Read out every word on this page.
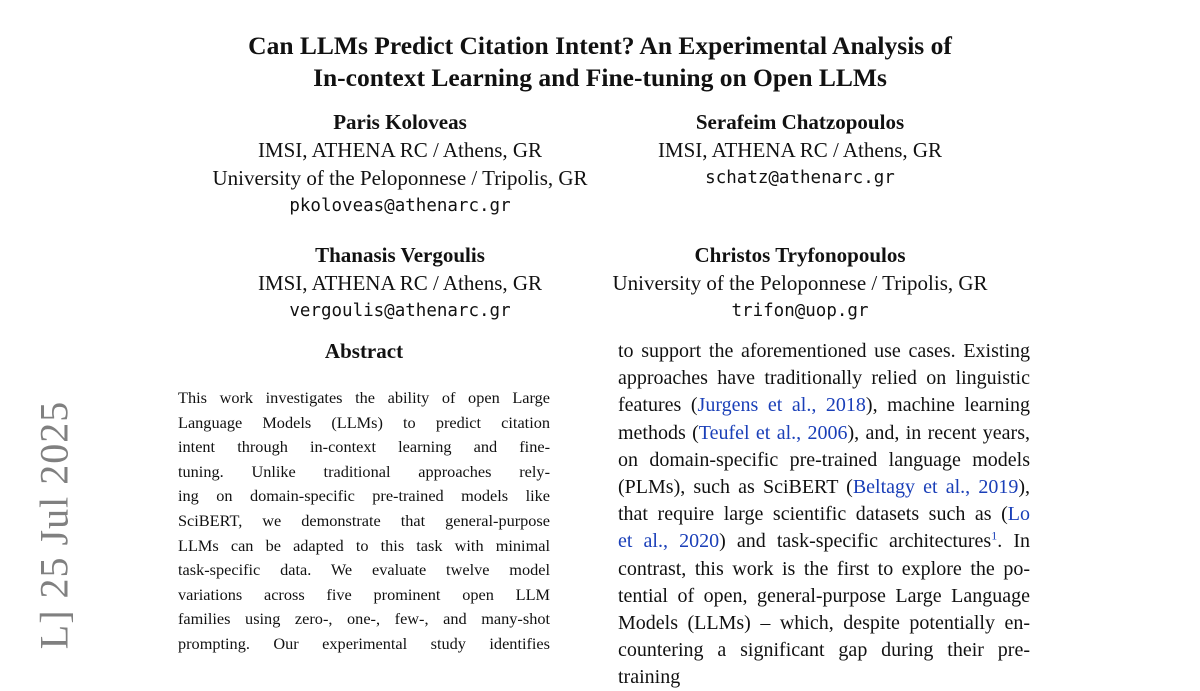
Can LLMs Predict Citation Intent? An Experimental Analysis of
In-context Learning and Fine-tuning on Open LLMs
Paris Koloveas
IMSI, ATHENA RC / Athens, GR
University of the Peloponnese / Tripolis, GR
pkoloveas@athenarc.gr
Serafeim Chatzopoulos
IMSI, ATHENA RC / Athens, GR
schatz@athenarc.gr
Thanasis Vergoulis
IMSI, ATHENA RC / Athens, GR
vergoulis@athenarc.gr
Christos Tryfonopoulos
University of the Peloponnese / Tripolis, GR
trifon@uop.gr
Abstract
This work investigates the ability of open Large
Language Models (LLMs) to predict citation
intent through in-context learning and fine-
tuning. Unlike traditional approaches rely-
ing on domain-specific pre-trained models like
SciBERT, we demonstrate that general-purpose
LLMs can be adapted to this task with minimal
task-specific data. We evaluate twelve model
variations across five prominent open LLM
families using zero-, one-, few-, and many-shot
prompting. Our experimental study identifies
to support the aforementioned use cases. Existing
approaches have traditionally relied on linguistic
features (Jurgens et al., 2018), machine learning
methods (Teufel et al., 2006), and, in recent years,
on domain-specific pre-trained language models
(PLMs), such as SciBERT (Beltagy et al., 2019),
that require large scientific datasets such as (Lo
et al., 2020) and task-specific architectures$^1$. In
contrast, this work is the first to explore the po-
tential of open, general-purpose Large Language
Models (LLMs) – which, despite potentially en-
countering a significant gap during their pre-training
L] 25 Jul 2025
